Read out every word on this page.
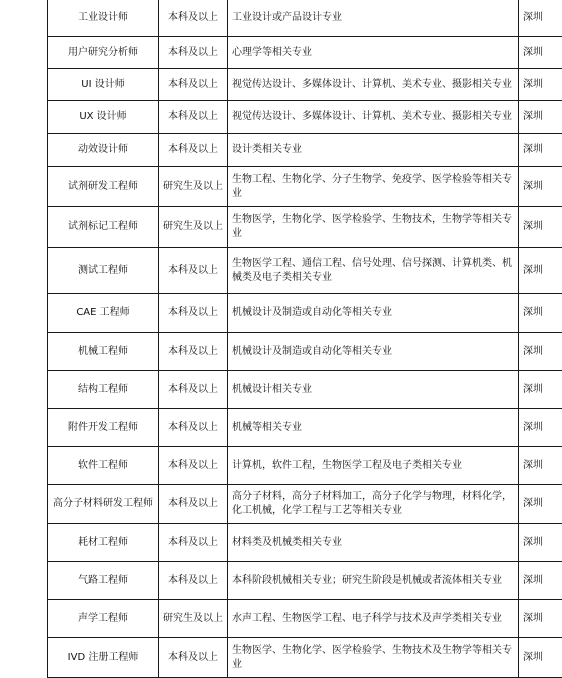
工业设计师	本科及以上	工业设计或产品设计专业	深圳
用户研究分析师	本科及以上	心理学等相关专业	深圳
UI 设计师	本科及以上	视觉传达设计、多媒体设计、计算机、美术专业、摄影相关专业	深圳
UX 设计师	本科及以上	视觉传达设计、多媒体设计、计算机、美术专业、摄影相关专业	深圳
动效设计师	本科及以上	设计类相关专业	深圳
试剂研发工程师	研究生及以上	生物工程、生物化学、分子生物学、免疫学、医学检验等相关专业	深圳
试剂标记工程师	研究生及以上	生物医学，生物化学、医学检验学、生物技术，生物学等相关专业	深圳
测试工程师	本科及以上	生物医学工程、通信工程、信号处理、信号探测、计算机类、机械类及电子类相关专业	深圳
CAE 工程师	本科及以上	机械设计及制造或自动化等相关专业	深圳
机械工程师	本科及以上	机械设计及制造或自动化等相关专业	深圳
结构工程师	本科及以上	机械设计相关专业	深圳
附件开发工程师	本科及以上	机械等相关专业	深圳
软件工程师	本科及以上	计算机，软件工程，生物医学工程及电子类相关专业	深圳
高分子材料研发工程师	本科及以上	高分子材料，高分子材料加工，高分子化学与物理，材料化学，化工机械，化学工程与工艺等相关专业	深圳
耗材工程师	本科及以上	材料类及机械类相关专业	深圳
气路工程师	本科及以上	本科阶段机械相关专业；研究生阶段是机械或者流体相关专业	深圳
声学工程师	研究生及以上	水声工程、生物医学工程、电子科学与技术及声学类相关专业	深圳
IVD 注册工程师	本科及以上	生物医学、生物化学、医学检验学、生物技术及生物学等相关专业	深圳
